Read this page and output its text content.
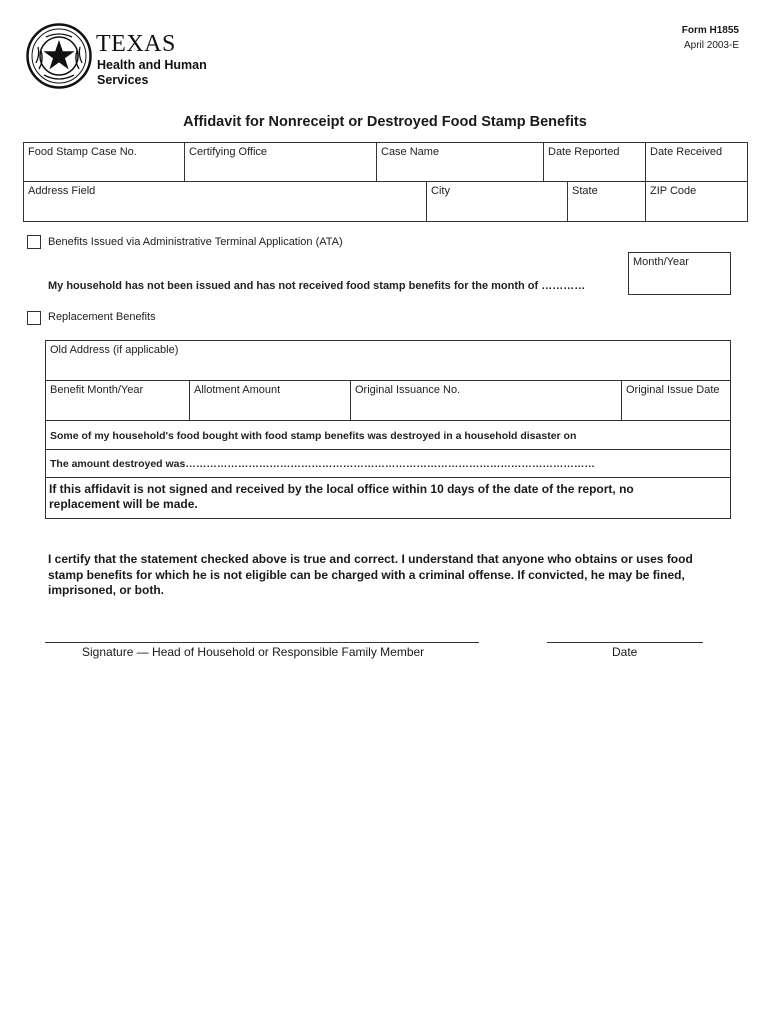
TEXAS
Health and Human
Services
Form H1855
April 2003-E
Affidavit for Nonreceipt or Destroyed Food Stamp Benefits
Food Stamp Case No.	Certifying Office	Case Name	Date Reported	Date Received
Address Field	City	State	ZIP Code
Benefits Issued via Administrative Terminal Application (ATA)
Month/Year
My household has not been issued and has not received food stamp benefits for the month of …………
Replacement Benefits
Old Address (if applicable)
Benefit Month/Year	Allotment Amount	Original Issuance No.	Original Issue Date
Some of my household's food bought with food stamp benefits was destroyed in a household disaster on
The amount destroyed was………………………………………………………………………………………………………
If this affidavit is not signed and received by the local office within 10 days of the date of the report, no replacement will be made.
I certify that the statement checked above is true and correct. I understand that anyone who obtains or uses food stamp benefits for which he is not eligible can be charged with a criminal offense. If convicted, he may be fined, imprisoned, or both.
Signature — Head of Household or Responsible Family Member	Date
